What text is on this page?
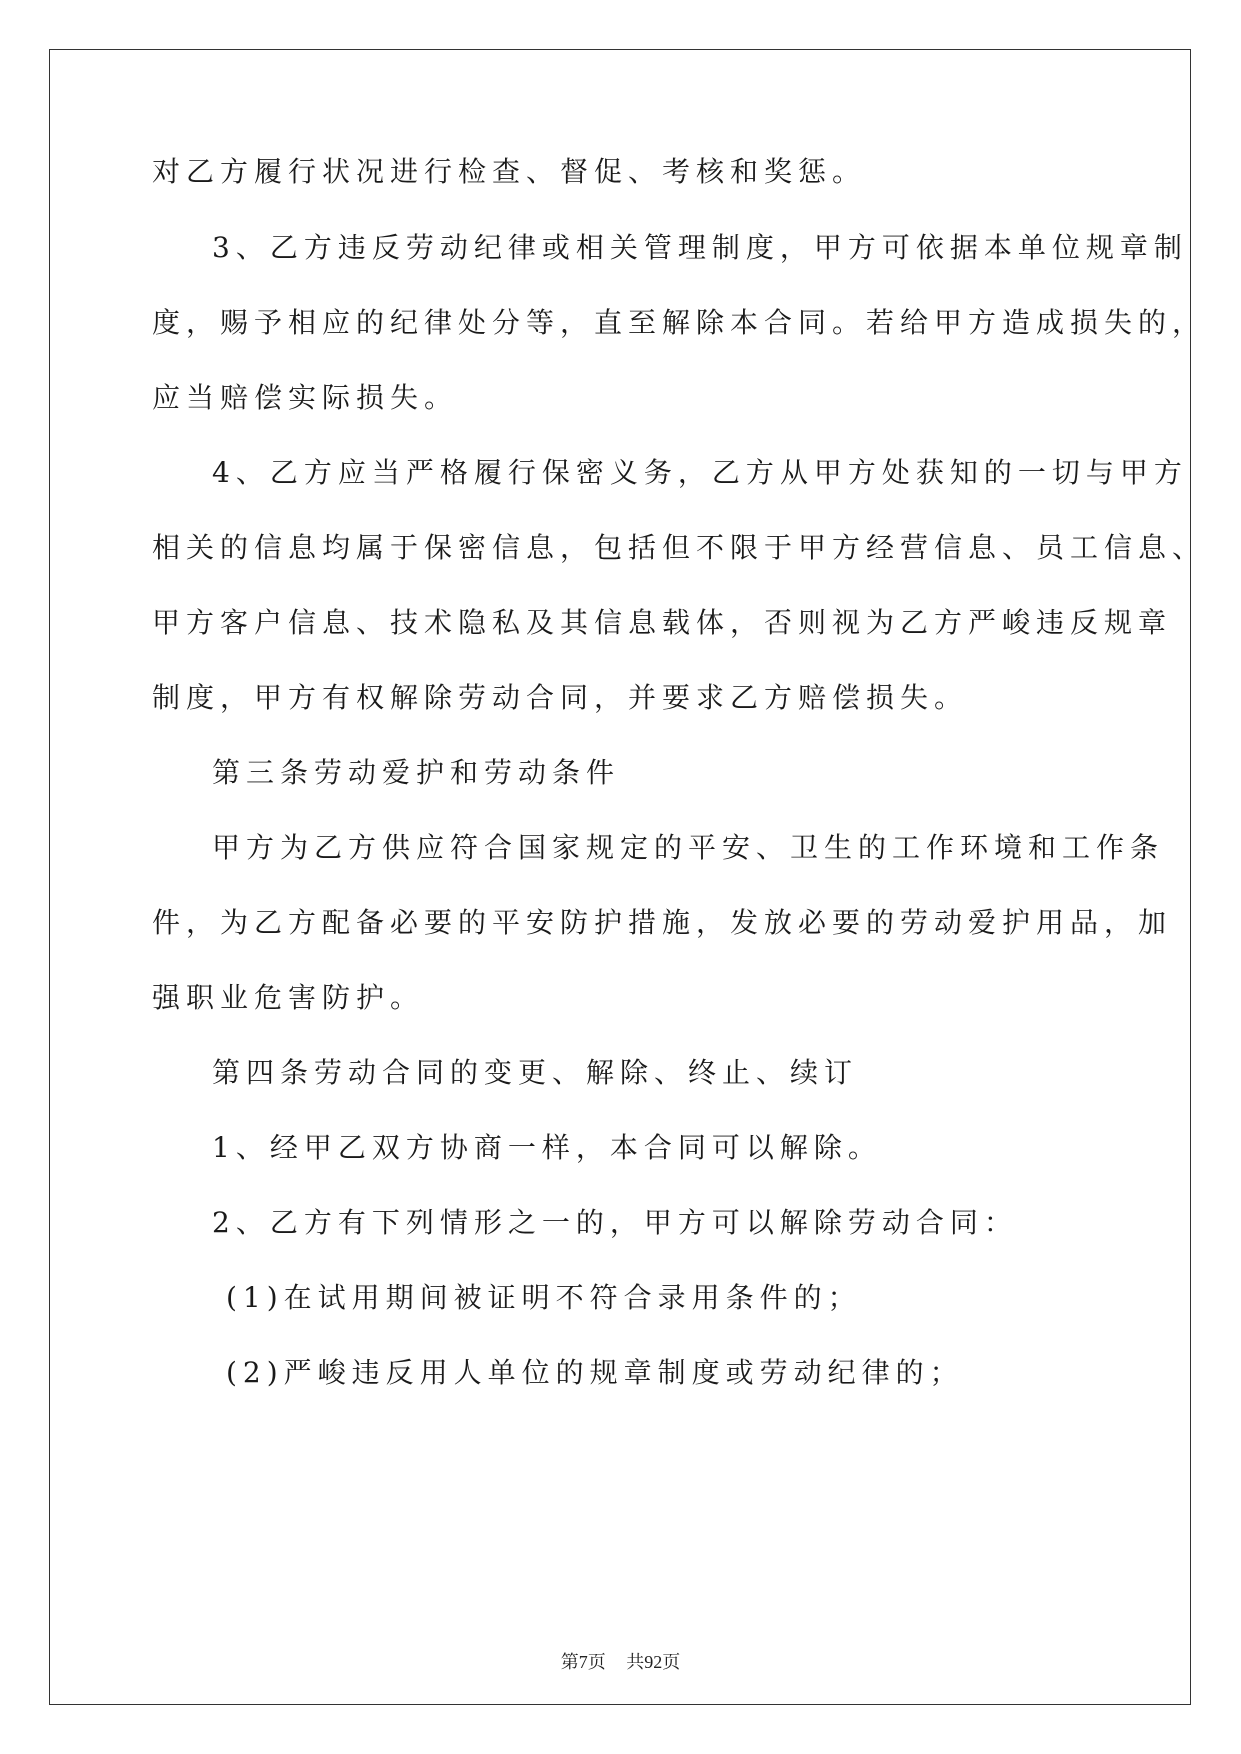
对乙方履行状况进行检查、督促、考核和奖惩。
3、乙方违反劳动纪律或相关管理制度，甲方可依据本单位规章制
度，赐予相应的纪律处分等，直至解除本合同。若给甲方造成损失的，
应当赔偿实际损失。
4、乙方应当严格履行保密义务，乙方从甲方处获知的一切与甲方
相关的信息均属于保密信息，包括但不限于甲方经营信息、员工信息、
甲方客户信息、技术隐私及其信息载体，否则视为乙方严峻违反规章
制度，甲方有权解除劳动合同，并要求乙方赔偿损失。
第三条劳动爱护和劳动条件
甲方为乙方供应符合国家规定的平安、卫生的工作环境和工作条
件，为乙方配备必要的平安防护措施，发放必要的劳动爱护用品，加
强职业危害防护。
第四条劳动合同的变更、解除、终止、续订
1、经甲乙双方协商一样，本合同可以解除。
2、乙方有下列情形之一的，甲方可以解除劳动合同：
(1)在试用期间被证明不符合录用条件的；
(2)严峻违反用人单位的规章制度或劳动纪律的；
第7页 共92页
